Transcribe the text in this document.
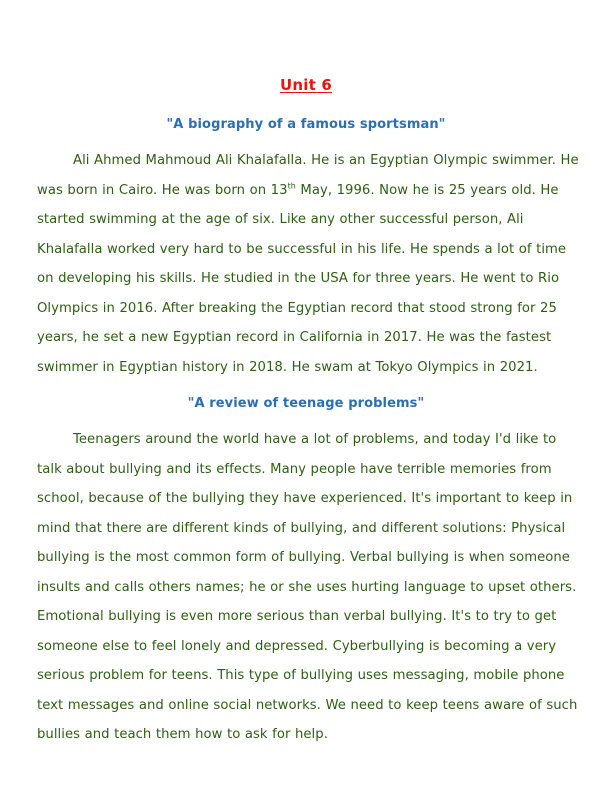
Unit 6
"A biography of a famous sportsman"

Ali Ahmed Mahmoud Ali Khalafalla. He is an Egyptian Olympic swimmer. He was born in Cairo. He was born on 13th May, 1996. Now he is 25 years old. He started swimming at the age of six. Like any other successful person, Ali Khalafalla worked very hard to be successful in his life. He spends a lot of time on developing his skills. He studied in the USA for three years. He went to Rio Olympics in 2016. After breaking the Egyptian record that stood strong for 25 years, he set a new Egyptian record in California in 2017. He was the fastest swimmer in Egyptian history in 2018. He swam at Tokyo Olympics in 2021.

"A review of teenage problems"

Teenagers around the world have a lot of problems, and today I'd like to talk about bullying and its effects. Many people have terrible memories from school, because of the bullying they have experienced. It's important to keep in mind that there are different kinds of bullying, and different solutions: Physical bullying is the most common form of bullying. Verbal bullying is when someone insults and calls others names; he or she uses hurting language to upset others. Emotional bullying is even more serious than verbal bullying. It's to try to get someone else to feel lonely and depressed. Cyberbullying is becoming a very serious problem for teens. This type of bullying uses messaging, mobile phone text messages and online social networks. We need to keep teens aware of such bullies and teach them how to ask for help.
